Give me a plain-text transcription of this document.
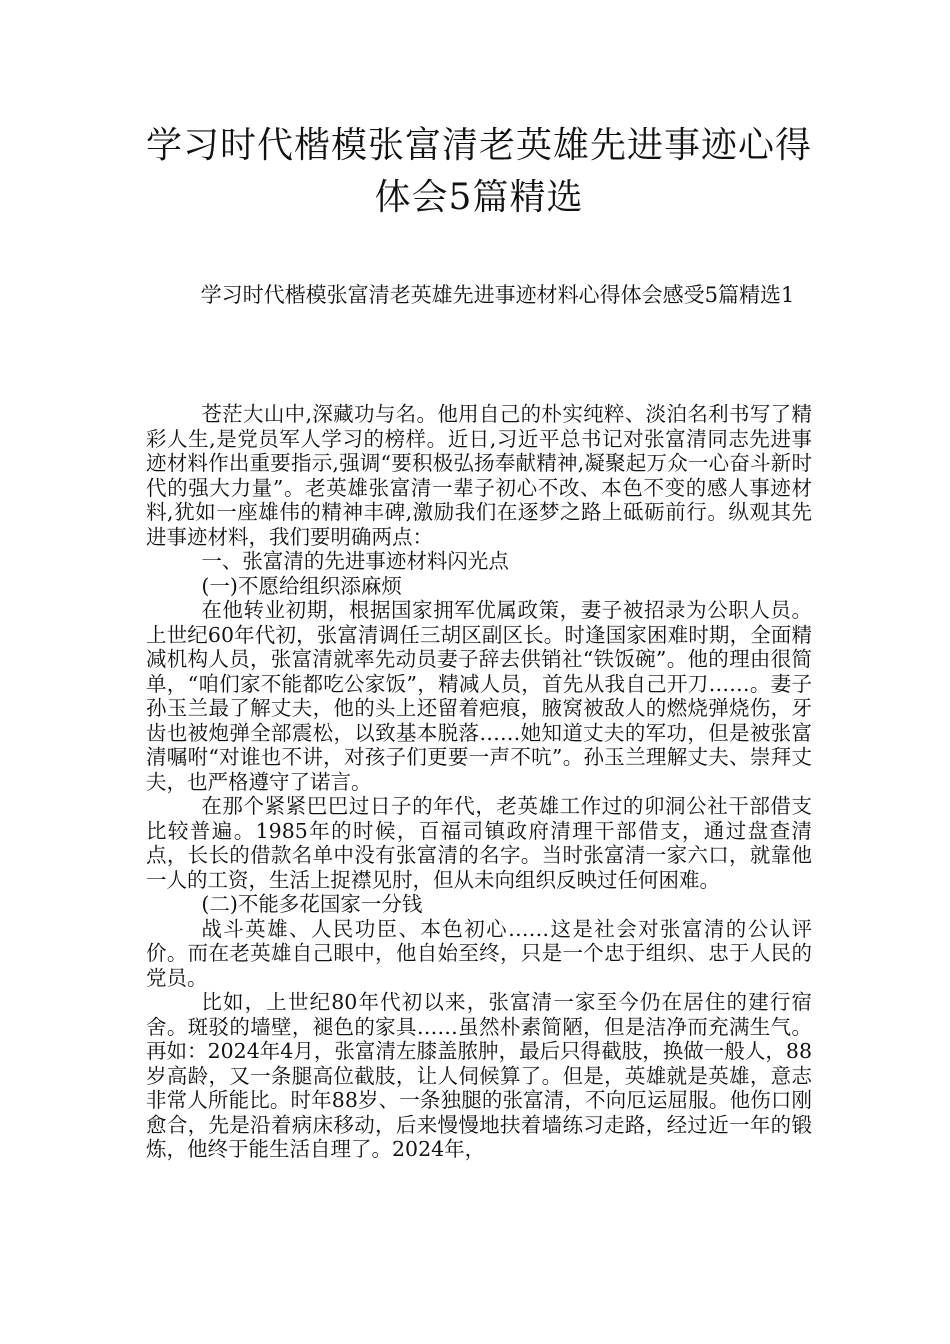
学习时代楷模张富清老英雄先进事迹心得
体会5篇精选
学习时代楷模张富清老英雄先进事迹材料心得体会感受5篇精选1

苍茫大山中,深藏功与名。他用自己的朴实纯粹、淡泊名利书写了精彩人生,是党员军人学习的榜样。近日,习近平总书记对张富清同志先进事迹材料作出重要指示,强调“要积极弘扬奉献精神,凝聚起万众一心奋斗新时代的强大力量”。老英雄张富清一辈子初心不改、本色不变的感人事迹材料,犹如一座雄伟的精神丰碑,激励我们在逐梦之路上砥砺前行。纵观其先进事迹材料，我们要明确两点：

一、张富清的先进事迹材料闪光点

(一)不愿给组织添麻烦

在他转业初期，根据国家拥军优属政策，妻子被招录为公职人员。上世纪60年代初，张富清调任三胡区副区长。时逢国家困难时期，全面精减机构人员，张富清就率先动员妻子辞去供销社“铁饭碗”。他的理由很简单，“咱们家不能都吃公家饭”，精减人员，首先从我自己开刀……。妻子孙玉兰最了解丈夫，他的头上还留着疤痕，腋窝被敌人的燃烧弹烧伤，牙齿也被炮弹全部震松，以致基本脱落……她知道丈夫的军功，但是被张富清嘱咐“对谁也不讲，对孩子们更要一声不吭”。孙玉兰理解丈夫、崇拜丈夫，也严格遵守了诺言。

在那个紧紧巴巴过日子的年代，老英雄工作过的卯洞公社干部借支比较普遍。1985年的时候，百福司镇政府清理干部借支，通过盘查清点，长长的借款名单中没有张富清的名字。当时张富清一家六口，就靠他一人的工资，生活上捉襟见肘，但从未向组织反映过任何困难。

(二)不能多花国家一分钱

战斗英雄、人民功臣、本色初心……这是社会对张富清的公认评价。而在老英雄自己眼中，他自始至终，只是一个忠于组织、忠于人民的党员。

比如，上世纪80年代初以来，张富清一家至今仍在居住的建行宿舍。斑驳的墙壁，褪色的家具……虽然朴素简陋，但是洁净而充满生气。再如：2024年4月，张富清左膝盖脓肿，最后只得截肢，换做一般人，88岁高龄，又一条腿高位截肢，让人伺候算了。但是，英雄就是英雄，意志非常人所能比。时年88岁、一条独腿的张富清，不向厄运屈服。他伤口刚愈合，先是沿着病床移动，后来慢慢地扶着墙练习走路，经过近一年的锻炼，他终于能生活自理了。2024年，
